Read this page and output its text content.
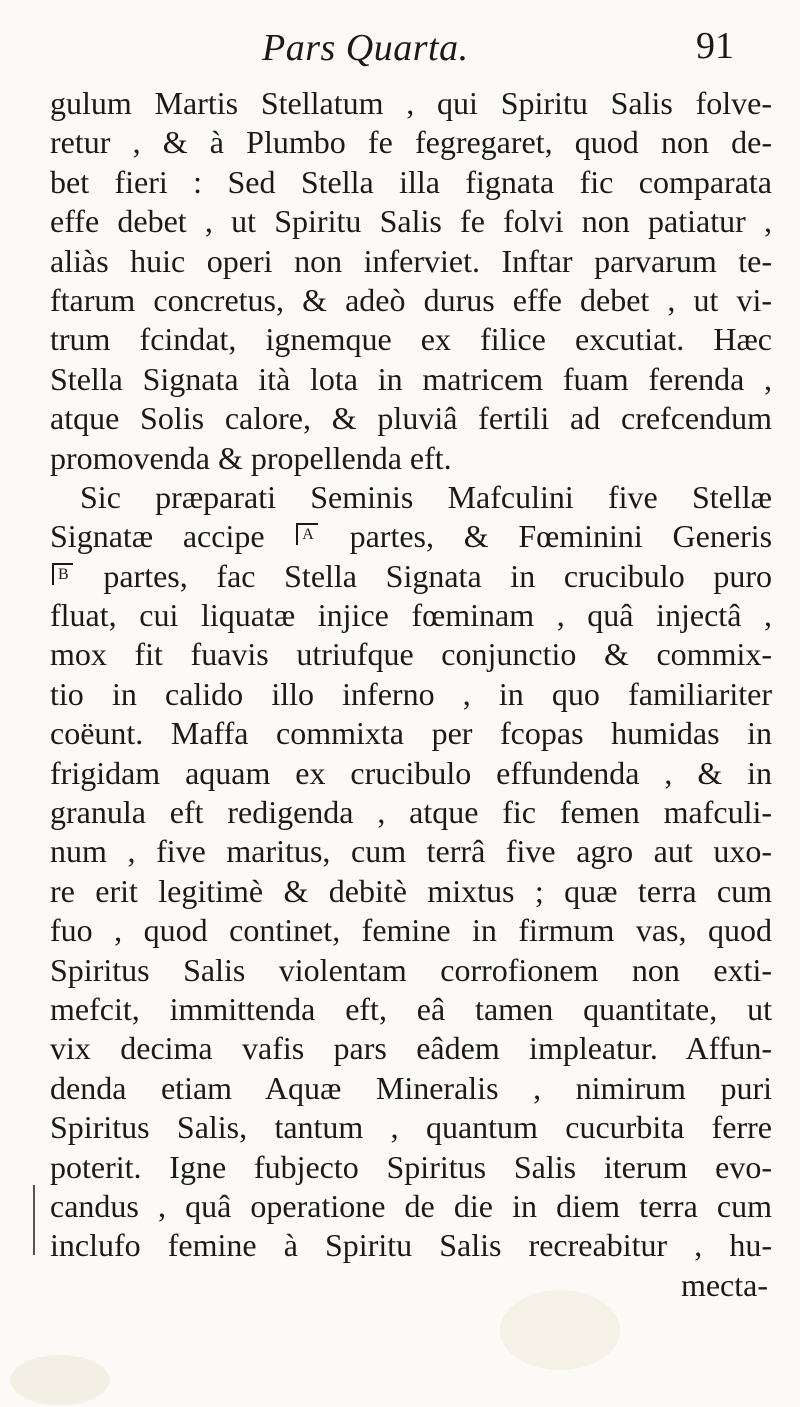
Pars Quarta.	91
gulum Martis Stellatum , qui Spiritu Salis folve-
retur , & à Plumbo fe fegregaret, quod non de-
bet fieri : Sed Stella illa fignata fic comparata
effe debet , ut Spiritu Salis fe folvi non patiatur ,
aliàs huic operi non inferviet. Inftar parvarum te-
ftarum concretus, & adeò durus effe debet , ut vi-
trum fcindat, ignemque ex filice excutiat. Hæc
Stella Signata ità lota in matricem fuam ferenda ,
atque Solis calore, & pluviâ fertili ad crefcendum
promovenda & propellenda eft.
Sic præparati Seminis Mafculini five Stellæ
Signatæ accipe A partes, & Fœminini Generis
B partes, fac Stella Signata in crucibulo puro
fluat, cui liquatæ injice fœminam , quâ injectâ ,
mox fit fuavis utriufque conjunctio & commix-
tio in calido illo inferno , in quo familiariter
coëunt. Maffa commixta per fcopas humidas in
frigidam aquam ex crucibulo effundenda , & in
granula eft redigenda , atque fic femen mafculi-
num , five maritus, cum terrâ five agro aut uxo-
re erit legitimè & debitè mixtus ; quæ terra cum
fuo , quod continet, femine in firmum vas, quod
Spiritus Salis violentam corrofionem non exti-
mefcit, immittenda eft, eâ tamen quantitate, ut
vix decima vafis pars eâdem impleatur. Affun-
denda etiam Aquæ Mineralis , nimirum puri
Spiritus Salis, tantum , quantum cucurbita ferre
poterit. Igne fubjecto Spiritus Salis iterum evo-
candus , quâ operatione de die in diem terra cum
inclufo femine à Spiritu Salis recreabitur , hu-
mecta-
